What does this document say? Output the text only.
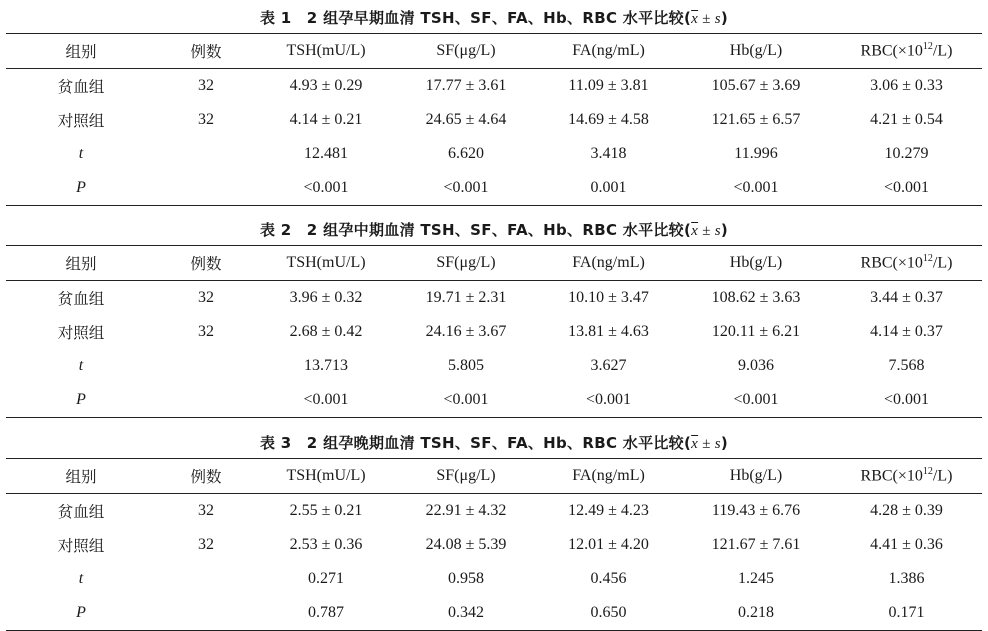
表 1　2 组孕早期血清 TSH、SF、FA、Hb、RBC 水平比较$(\overline{x} \pm s)$
组别	例数	TSH(mU/L)	SF(μg/L)	FA(ng/mL)	Hb(g/L)	$RBC(\times 10^{12}/L)$
贫血组	32	4.93 ± 0.29	17.77 ± 3.61	11.09 ± 3.81	105.67 ± 3.69	3.06 ± 0.33
对照组	32	4.14 ± 0.21	24.65 ± 4.64	14.69 ± 4.58	121.65 ± 6.57	4.21 ± 0.54
t		12.481	6.620	3.418	11.996	10.279
P		<0.001	<0.001	0.001	<0.001	<0.001
表 2　2 组孕中期血清 TSH、SF、FA、Hb、RBC 水平比较$(\overline{x} \pm s)$
组别	例数	TSH(mU/L)	SF(μg/L)	FA(ng/mL)	Hb(g/L)	$RBC(\times 10^{12}/L)$
贫血组	32	3.96 ± 0.32	19.71 ± 2.31	10.10 ± 3.47	108.62 ± 3.63	3.44 ± 0.37
对照组	32	2.68 ± 0.42	24.16 ± 3.67	13.81 ± 4.63	120.11 ± 6.21	4.14 ± 0.37
t		13.713	5.805	3.627	9.036	7.568
P		<0.001	<0.001	<0.001	<0.001	<0.001
表 3　2 组孕晚期血清 TSH、SF、FA、Hb、RBC 水平比较$(\overline{x} \pm s)$
组别	例数	TSH(mU/L)	SF(μg/L)	FA(ng/mL)	Hb(g/L)	$RBC(\times 10^{12}/L)$
贫血组	32	2.55 ± 0.21	22.91 ± 4.32	12.49 ± 4.23	119.43 ± 6.76	4.28 ± 0.39
对照组	32	2.53 ± 0.36	24.08 ± 5.39	12.01 ± 4.20	121.67 ± 7.61	4.41 ± 0.36
t		0.271	0.958	0.456	1.245	1.386
P		0.787	0.342	0.650	0.218	0.171
